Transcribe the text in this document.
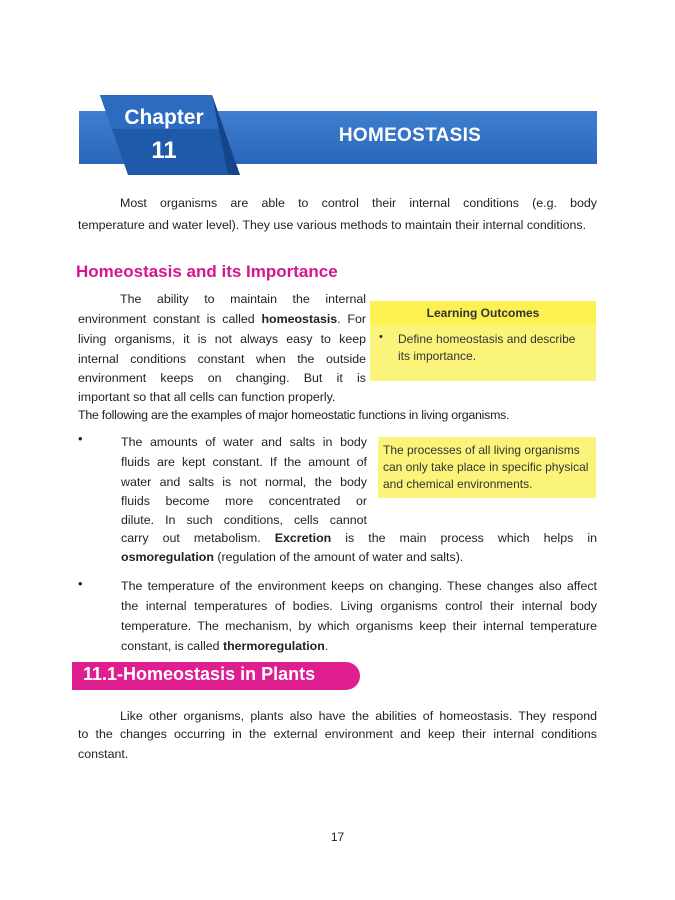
Chapter
11
HOMEOSTASIS
Most organisms are able to control their internal conditions (e.g. body
temperature and water level). They use various methods to maintain their internal conditions.
Homeostasis and its Importance
The ability to maintain the internal
environment constant is called homeostasis. For
living organisms, it is not always easy to keep
internal conditions constant when the outside
environment keeps on changing. But it is
important so that all cells can function properly.
The following are the examples of major homeostatic functions in living organisms.
Learning Outcomes
• Define homeostasis and describe its importance.
The processes of all living organisms can only take place in specific physical and chemical environments.
•	The amounts of water and salts in body
fluids are kept constant. If the amount of
water and salts is not normal, the body
fluids become more concentrated or
dilute. In such conditions, cells cannot
carry out metabolism. Excretion is the main process which helps in
osmoregulation (regulation of the amount of water and salts).
•	The temperature of the environment keeps on changing. These changes also affect the internal temperatures of bodies. Living organisms control their internal body temperature. The mechanism, by which organisms keep their internal temperature constant, is called thermoregulation.
11.1-Homeostasis in Plants
Like other organisms, plants also have the abilities of homeostasis. They respond
to the changes occurring in the external environment and keep their internal conditions constant.
17
